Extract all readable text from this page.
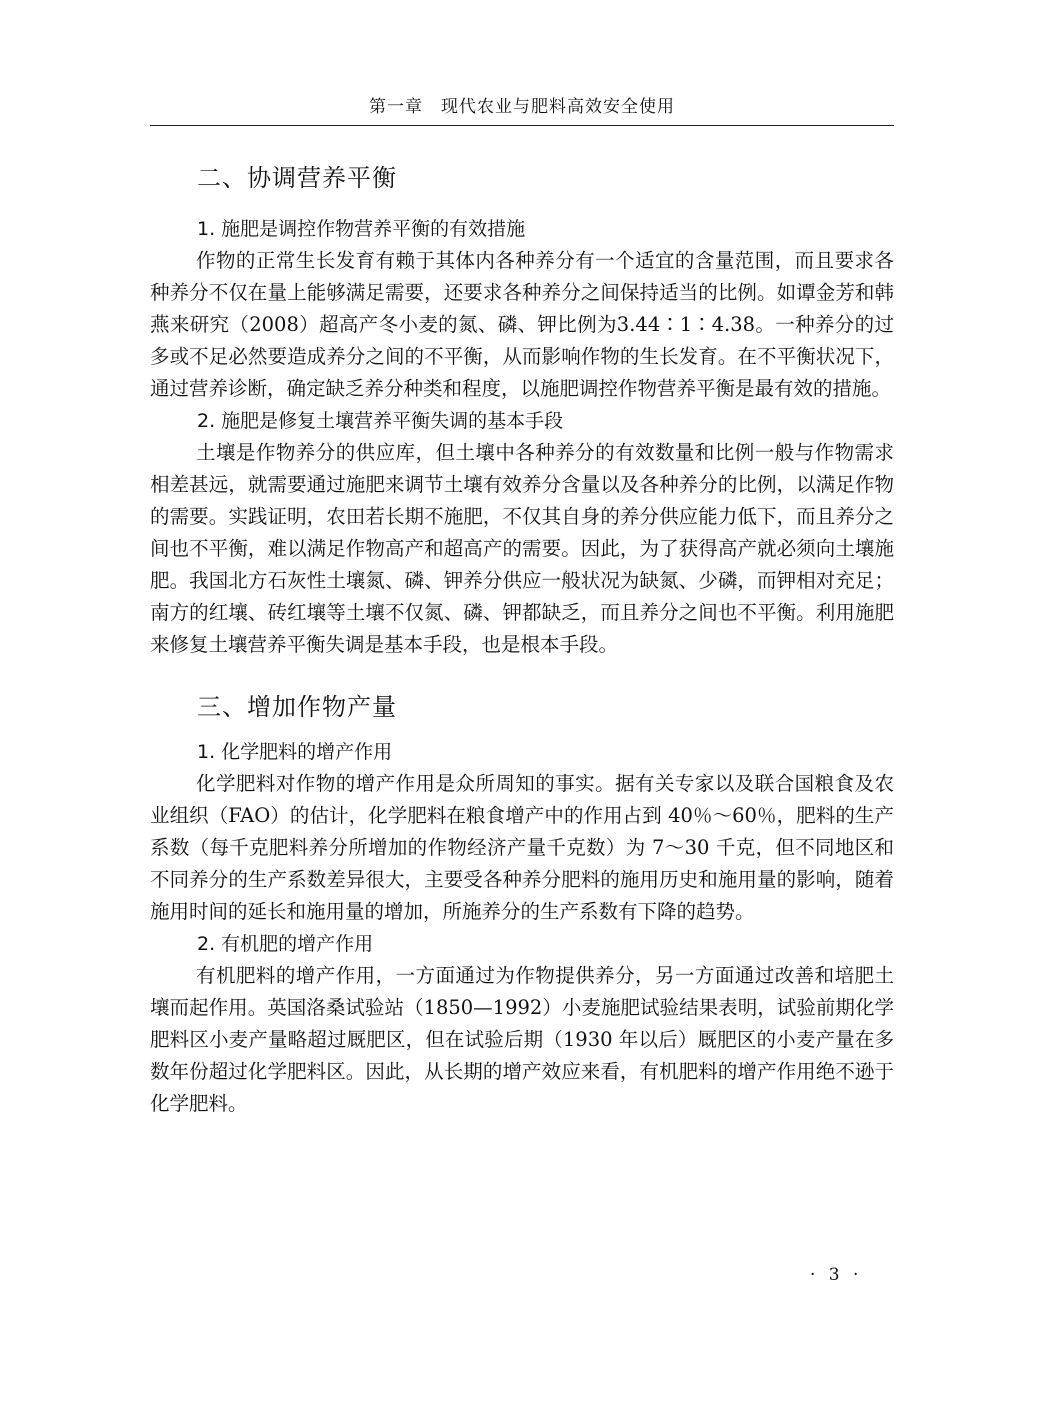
第一章　现代农业与肥料高效安全使用
二、协调营养平衡
1. 施肥是调控作物营养平衡的有效措施

作物的正常生长发育有赖于其体内各种养分有一个适宜的含量范围，而且要求各种养分不仅在量上能够满足需要，还要求各种养分之间保持适当的比例。如谭金芳和韩燕来研究（2008）超高产冬小麦的氮、磷、钾比例为3.44∶1∶4.38。一种养分的过多或不足必然要造成养分之间的不平衡，从而影响作物的生长发育。在不平衡状况下，通过营养诊断，确定缺乏养分种类和程度，以施肥调控作物营养平衡是最有效的措施。

2. 施肥是修复土壤营养平衡失调的基本手段

土壤是作物养分的供应库，但土壤中各种养分的有效数量和比例一般与作物需求相差甚远，就需要通过施肥来调节土壤有效养分含量以及各种养分的比例，以满足作物的需要。实践证明，农田若长期不施肥，不仅其自身的养分供应能力低下，而且养分之间也不平衡，难以满足作物高产和超高产的需要。因此，为了获得高产就必须向土壤施肥。我国北方石灰性土壤氮、磷、钾养分供应一般状况为缺氮、少磷，而钾相对充足；南方的红壤、砖红壤等土壤不仅氮、磷、钾都缺乏，而且养分之间也不平衡。利用施肥来修复土壤营养平衡失调是基本手段，也是根本手段。

三、增加作物产量
1. 化学肥料的增产作用

化学肥料对作物的增产作用是众所周知的事实。据有关专家以及联合国粮食及农业组织（FAO）的估计，化学肥料在粮食增产中的作用占到 40％～60％，肥料的生产系数（每千克肥料养分所增加的作物经济产量千克数）为 7～30 千克，但不同地区和不同养分的生产系数差异很大，主要受各种养分肥料的施用历史和施用量的影响，随着施用时间的延长和施用量的增加，所施养分的生产系数有下降的趋势。

2. 有机肥的增产作用

有机肥料的增产作用，一方面通过为作物提供养分，另一方面通过改善和培肥土壤而起作用。英国洛桑试验站（1850—1992）小麦施肥试验结果表明，试验前期化学肥料区小麦产量略超过厩肥区，但在试验后期（1930 年以后）厩肥区的小麦产量在多数年份超过化学肥料区。因此，从长期的增产效应来看，有机肥料的增产作用绝不逊于化学肥料。

· 3 ·
